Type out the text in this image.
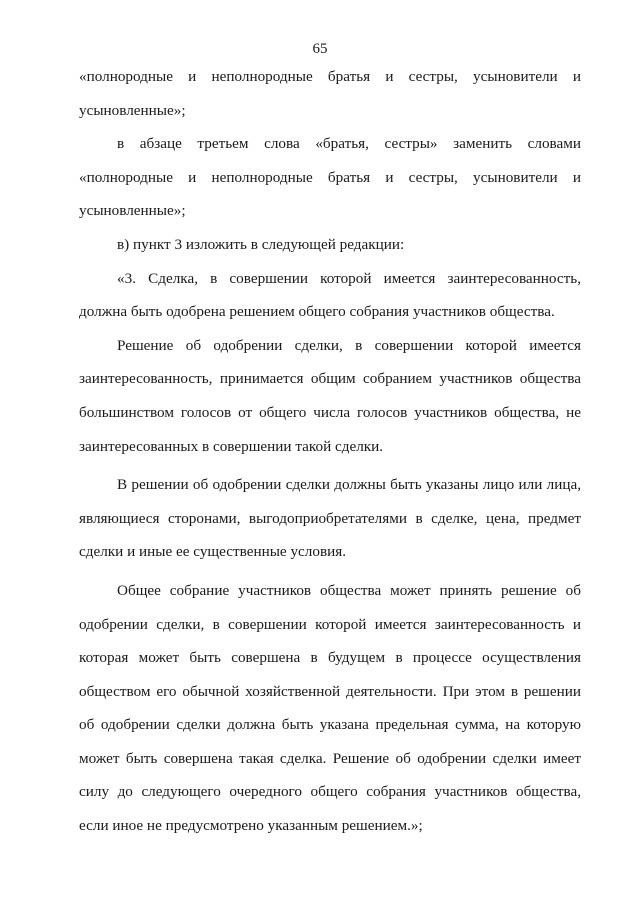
65

«полнородные и неполнородные братья и сестры, усыновители и усыновленные»;

в абзаце третьем слова «братья, сестры» заменить словами «полнородные и неполнородные братья и сестры, усыновители и усыновленные»;

в) пункт 3 изложить в следующей редакции:

«3. Сделка, в совершении которой имеется заинтересованность, должна быть одобрена решением общего собрания участников общества.

Решение об одобрении сделки, в совершении которой имеется заинтересованность, принимается общим собранием участников общества большинством голосов от общего числа голосов участников общества, не заинтересованных в совершении такой сделки.

В решении об одобрении сделки должны быть указаны лицо или лица, являющиеся сторонами, выгодоприобретателями в сделке, цена, предмет сделки и иные ее существенные условия.

Общее собрание участников общества может принять решение об одобрении сделки, в совершении которой имеется заинтересованность и которая может быть совершена в будущем в процессе осуществления обществом его обычной хозяйственной деятельности. При этом в решении об одобрении сделки должна быть указана предельная сумма, на которую может быть совершена такая сделка. Решение об одобрении сделки имеет силу до следующего очередного общего собрания участников общества, если иное не предусмотрено указанным решением.»;
